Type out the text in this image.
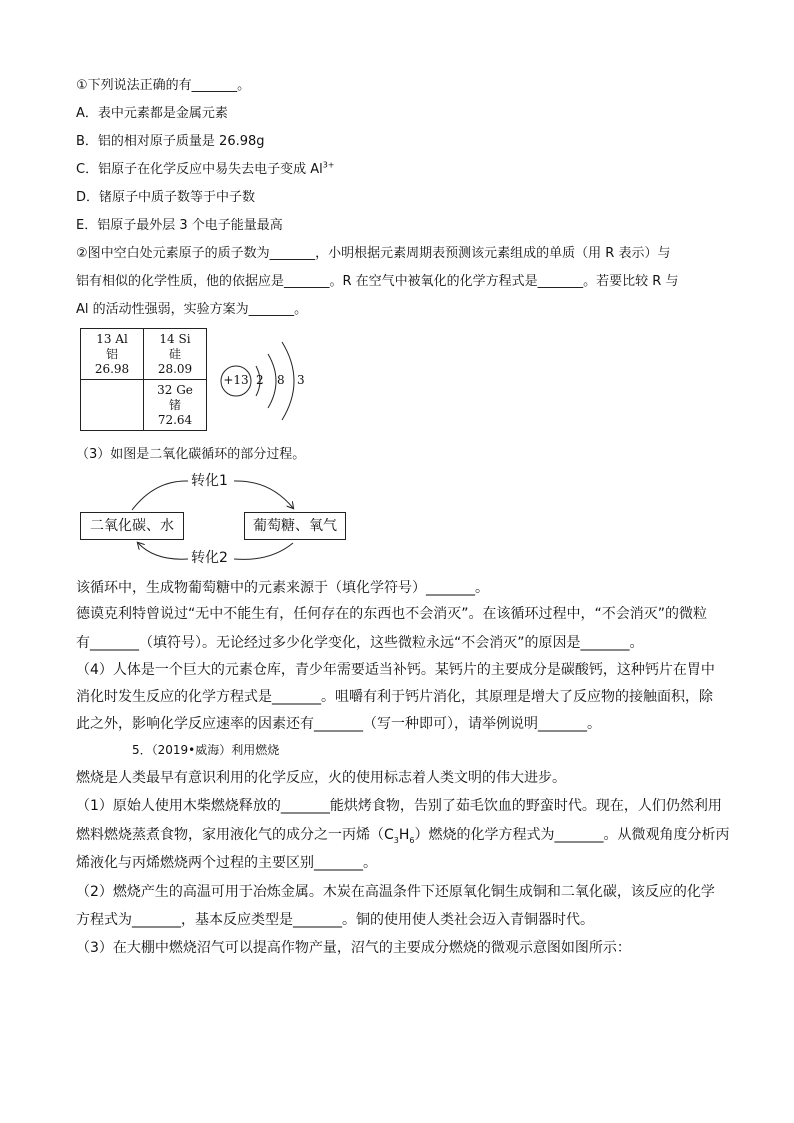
①下列说法正确的有_______。
A．表中元素都是金属元素
B．铝的相对原子质量是 26.98g
C．铝原子在化学反应中易失去电子变成 $Al^{3+}$
D．锗原子中质子数等于中子数
E．铝原子最外层 3 个电子能量最高
②图中空白处元素原子的质子数为_______，小明根据元素周期表预测该元素组成的单质（用 R 表示）与
铝有相似的化学性质，他的依据应是_______。R 在空气中被氧化的化学方程式是_______。若要比较 R 与
Al 的活动性强弱，实验方案为_______。
13 Al
铝
26.98
14 Si
硅
28.09
32 Ge
锗
72.64
+13 2 8 3
（3）如图是二氧化碳循环的部分过程。
二氧化碳、水	葡萄糖、氧气
转化1
转化2
该循环中，生成物葡萄糖中的元素来源于（填化学符号）_______。
德谟克利特曾说过“无中不能生有，任何存在的东西也不会消灭”。在该循环过程中，“不会消灭”的微粒
有_______（填符号）。无论经过多少化学变化，这些微粒永远“不会消灭”的原因是_______。
（4）人体是一个巨大的元素仓库，青少年需要适当补钙。某钙片的主要成分是碳酸钙，这种钙片在胃中
消化时发生反应的化学方程式是_______。咀嚼有利于钙片消化，其原理是增大了反应物的接触面积，除
此之外，影响化学反应速率的因素还有_______（写一种即可），请举例说明_______。
5．（2019•威海）利用燃烧
燃烧是人类最早有意识利用的化学反应，火的使用标志着人类文明的伟大进步。
（1）原始人使用木柴燃烧释放的_______能烘烤食物，告别了茹毛饮血的野蛮时代。现在，人们仍然利用
燃料燃烧蒸煮食物，家用液化气的成分之一丙烯$(C_3H_6)$燃烧的化学方程式为_______。从微观角度分析丙
烯液化与丙烯燃烧两个过程的主要区别_______。
（2）燃烧产生的高温可用于冶炼金属。木炭在高温条件下还原氧化铜生成铜和二氧化碳，该反应的化学
方程式为_______，基本反应类型是_______。铜的使用使人类社会迈入青铜器时代。
（3）在大棚中燃烧沼气可以提高作物产量，沼气的主要成分燃烧的微观示意图如图所示：
